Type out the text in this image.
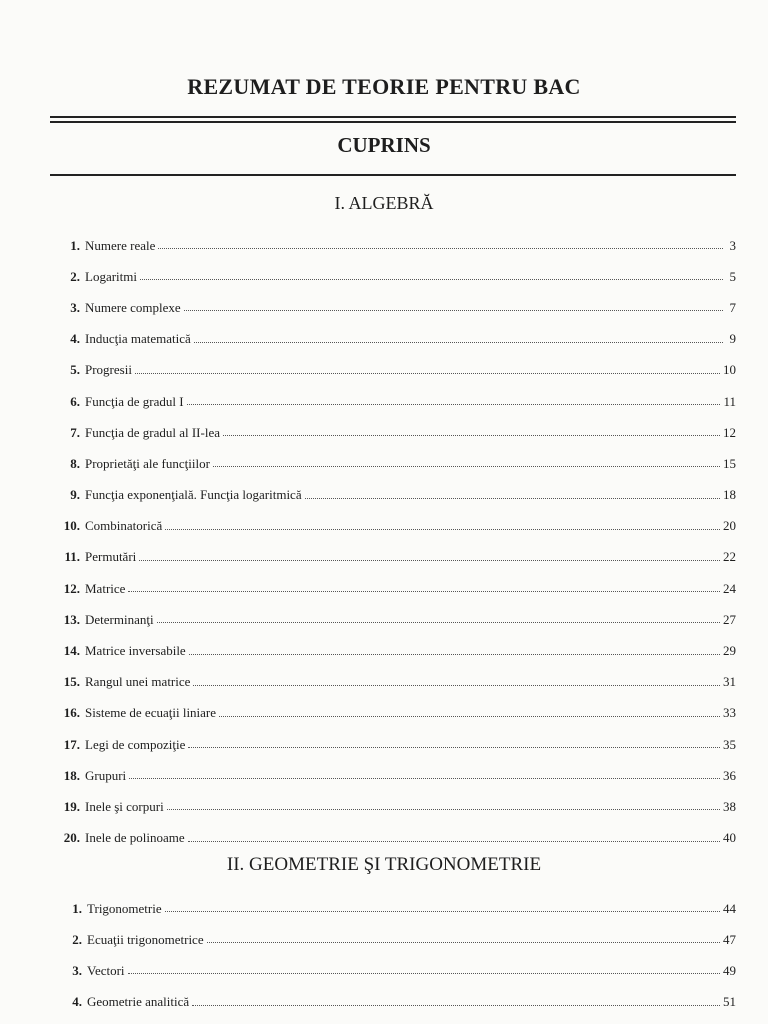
REZUMAT DE TEORIE PENTRU BAC
CUPRINS
I. ALGEBRĂ
1. Numere reale	3
2. Logaritmi	5
3. Numere complexe	7
4. Inducţia matematică	9
5. Progresii	10
6. Funcţia de gradul I	11
7. Funcţia de gradul al II-lea	12
8. Proprietăţi ale funcţiilor	15
9. Funcţia exponenţială. Funcţia logaritmică	18
10. Combinatorică	20
11. Permutări	22
12. Matrice	24
13. Determinanţi	27
14. Matrice inversabile	29
15. Rangul unei matrice	31
16. Sisteme de ecuaţii liniare	33
17. Legi de compoziţie	35
18. Grupuri	36
19. Inele şi corpuri	38
20. Inele de polinoame	40
II. GEOMETRIE ŞI TRIGONOMETRIE
1. Trigonometrie	44
2. Ecuaţii trigonometrice	47
3. Vectori	49
4. Geometrie analitică	51
